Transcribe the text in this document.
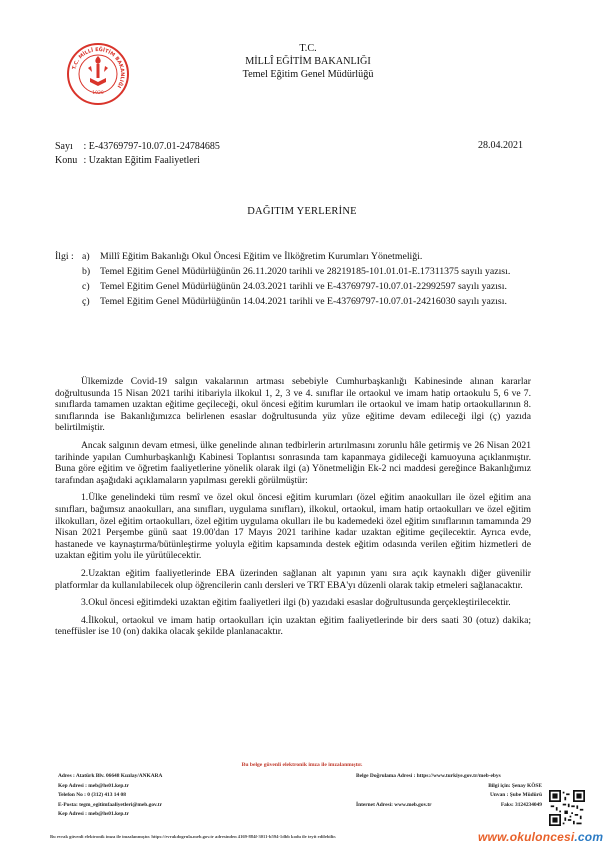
T.C. MİLLÎ EĞİTİM BAKANLIĞI
1920
T.C.
MİLLÎ EĞİTİM BAKANLIĞI
Temel Eğitim Genel Müdürlüğü
Sayı : E-43769797-10.07.01-24784685
Konu : Uzaktan Eğitim Faaliyetleri
28.04.2021
DAĞITIM YERLERİNE
İlgi : a)	Millî Eğitim Bakanlığı Okul Öncesi Eğitim ve İlköğretim Kurumları Yönetmeliği.
b)	Temel Eğitim Genel Müdürlüğünün 26.11.2020 tarihli ve 28219185-101.01.01-E.17311375 sayılı yazısı.
c)	Temel Eğitim Genel Müdürlüğünün 24.03.2021 tarihli ve E-43769797-10.07.01-22992597 sayılı yazısı.
ç)	Temel Eğitim Genel Müdürlüğünün 14.04.2021 tarihli ve E-43769797-10.07.01-24216030 sayılı yazısı.

Ülkemizde Covid-19 salgın vakalarının artması sebebiyle Cumhurbaşkanlığı Kabinesinde alınan kararlar doğrultusunda 15 Nisan 2021 tarihi itibariyla ilkokul 1, 2, 3 ve 4. sınıflar ile ortaokul ve imam hatip ortaokulu 5, 6 ve 7. sınıflarda tamamen uzaktan eğitime geçileceği, okul öncesi eğitim kurumları ile ortaokul ve imam hatip ortaokullarının 8. sınıflarında ise Bakanlığımızca belirlenen esaslar doğrultusunda yüz yüze eğitime devam edileceği ilgi (ç) yazıda belirtilmiştir.

Ancak salgının devam etmesi, ülke genelinde alınan tedbirlerin artırılmasını zorunlu hâle getirmiş ve 26 Nisan 2021 tarihinde yapılan Cumhurbaşkanlığı Kabinesi Toplantısı sonrasında tam kapanmaya gidileceği kamuoyuna açıklanmıştır. Buna göre eğitim ve öğretim faaliyetlerine yönelik olarak ilgi (a) Yönetmeliğin Ek-2 nci maddesi gereğince Bakanlığımız tarafından aşağıdaki açıklamaların yapılması gerekli görülmüştür:

1.Ülke genelindeki tüm resmî ve özel okul öncesi eğitim kurumları (özel eğitim anaokulları ile özel eğitim ana sınıfları, bağımsız anaokulları, ana sınıfları, uygulama sınıfları), ilkokul, ortaokul, imam hatip ortaokulları ve özel eğitim ilkokulları, özel eğitim ortaokulları, özel eğitim uygulama okulları ile bu kademedeki özel eğitim sınıflarının tamamında 29 Nisan 2021 Perşembe günü saat 19.00'dan 17 Mayıs 2021 tarihine kadar uzaktan eğitime geçilecektir. Ayrıca evde, hastanede ve kaynaştırma/bütünleştirme yoluyla eğitim kapsamında destek eğitim odasında verilen eğitim hizmetleri de uzaktan eğitim yolu ile yürütülecektir.

2.Uzaktan eğitim faaliyetlerinde EBA üzerinden sağlanan alt yapının yanı sıra açık kaynaklı diğer güvenilir platformlar da kullanılabilecek olup öğrencilerin canlı dersleri ve TRT EBA'yı düzenli olarak takip etmeleri sağlanacaktır.

3.Okul öncesi eğitimdeki uzaktan eğitim faaliyetleri ilgi (b) yazıdaki esaslar doğrultusunda gerçekleştirilecektir.

4.İlkokul, ortaokul ve imam hatip ortaokulları için uzaktan eğitim faaliyetlerinde bir ders saati 30 (otuz) dakika; teneffüsler ise 10 (on) dakika olacak şekilde planlanacaktır.

Bu belge güvenli elektronik imza ile imzalanmıştır.
Adres : Atatürk Blv. 06648 Kızılay/ANKARA
Kep Adresi : meb@hs01.kep.tr
Telefon No : 0 (312) 413 14 08
E-Posta: tegm_egitimfaaliyetleri@meb.gov.tr
Kep Adresi : meb@hs01.kep.tr
Belge Doğrulama Adresi : https://www.turkiye.gov.tr/meb-ebys
Bilgi için: Şenay KÖSE
Unvan : Şube Müdürü
İnternet Adresi: www.meb.gov.tr	Faks: 3124234049
Bu evrak güvenli elektronik imza ile imzalanmıştır. https://evrakdogrula.meb.gov.tr adresinden 4169-884f-3011-b594-1dbb kodu ile teyit edilebilir.	www.okuloncesi.com
